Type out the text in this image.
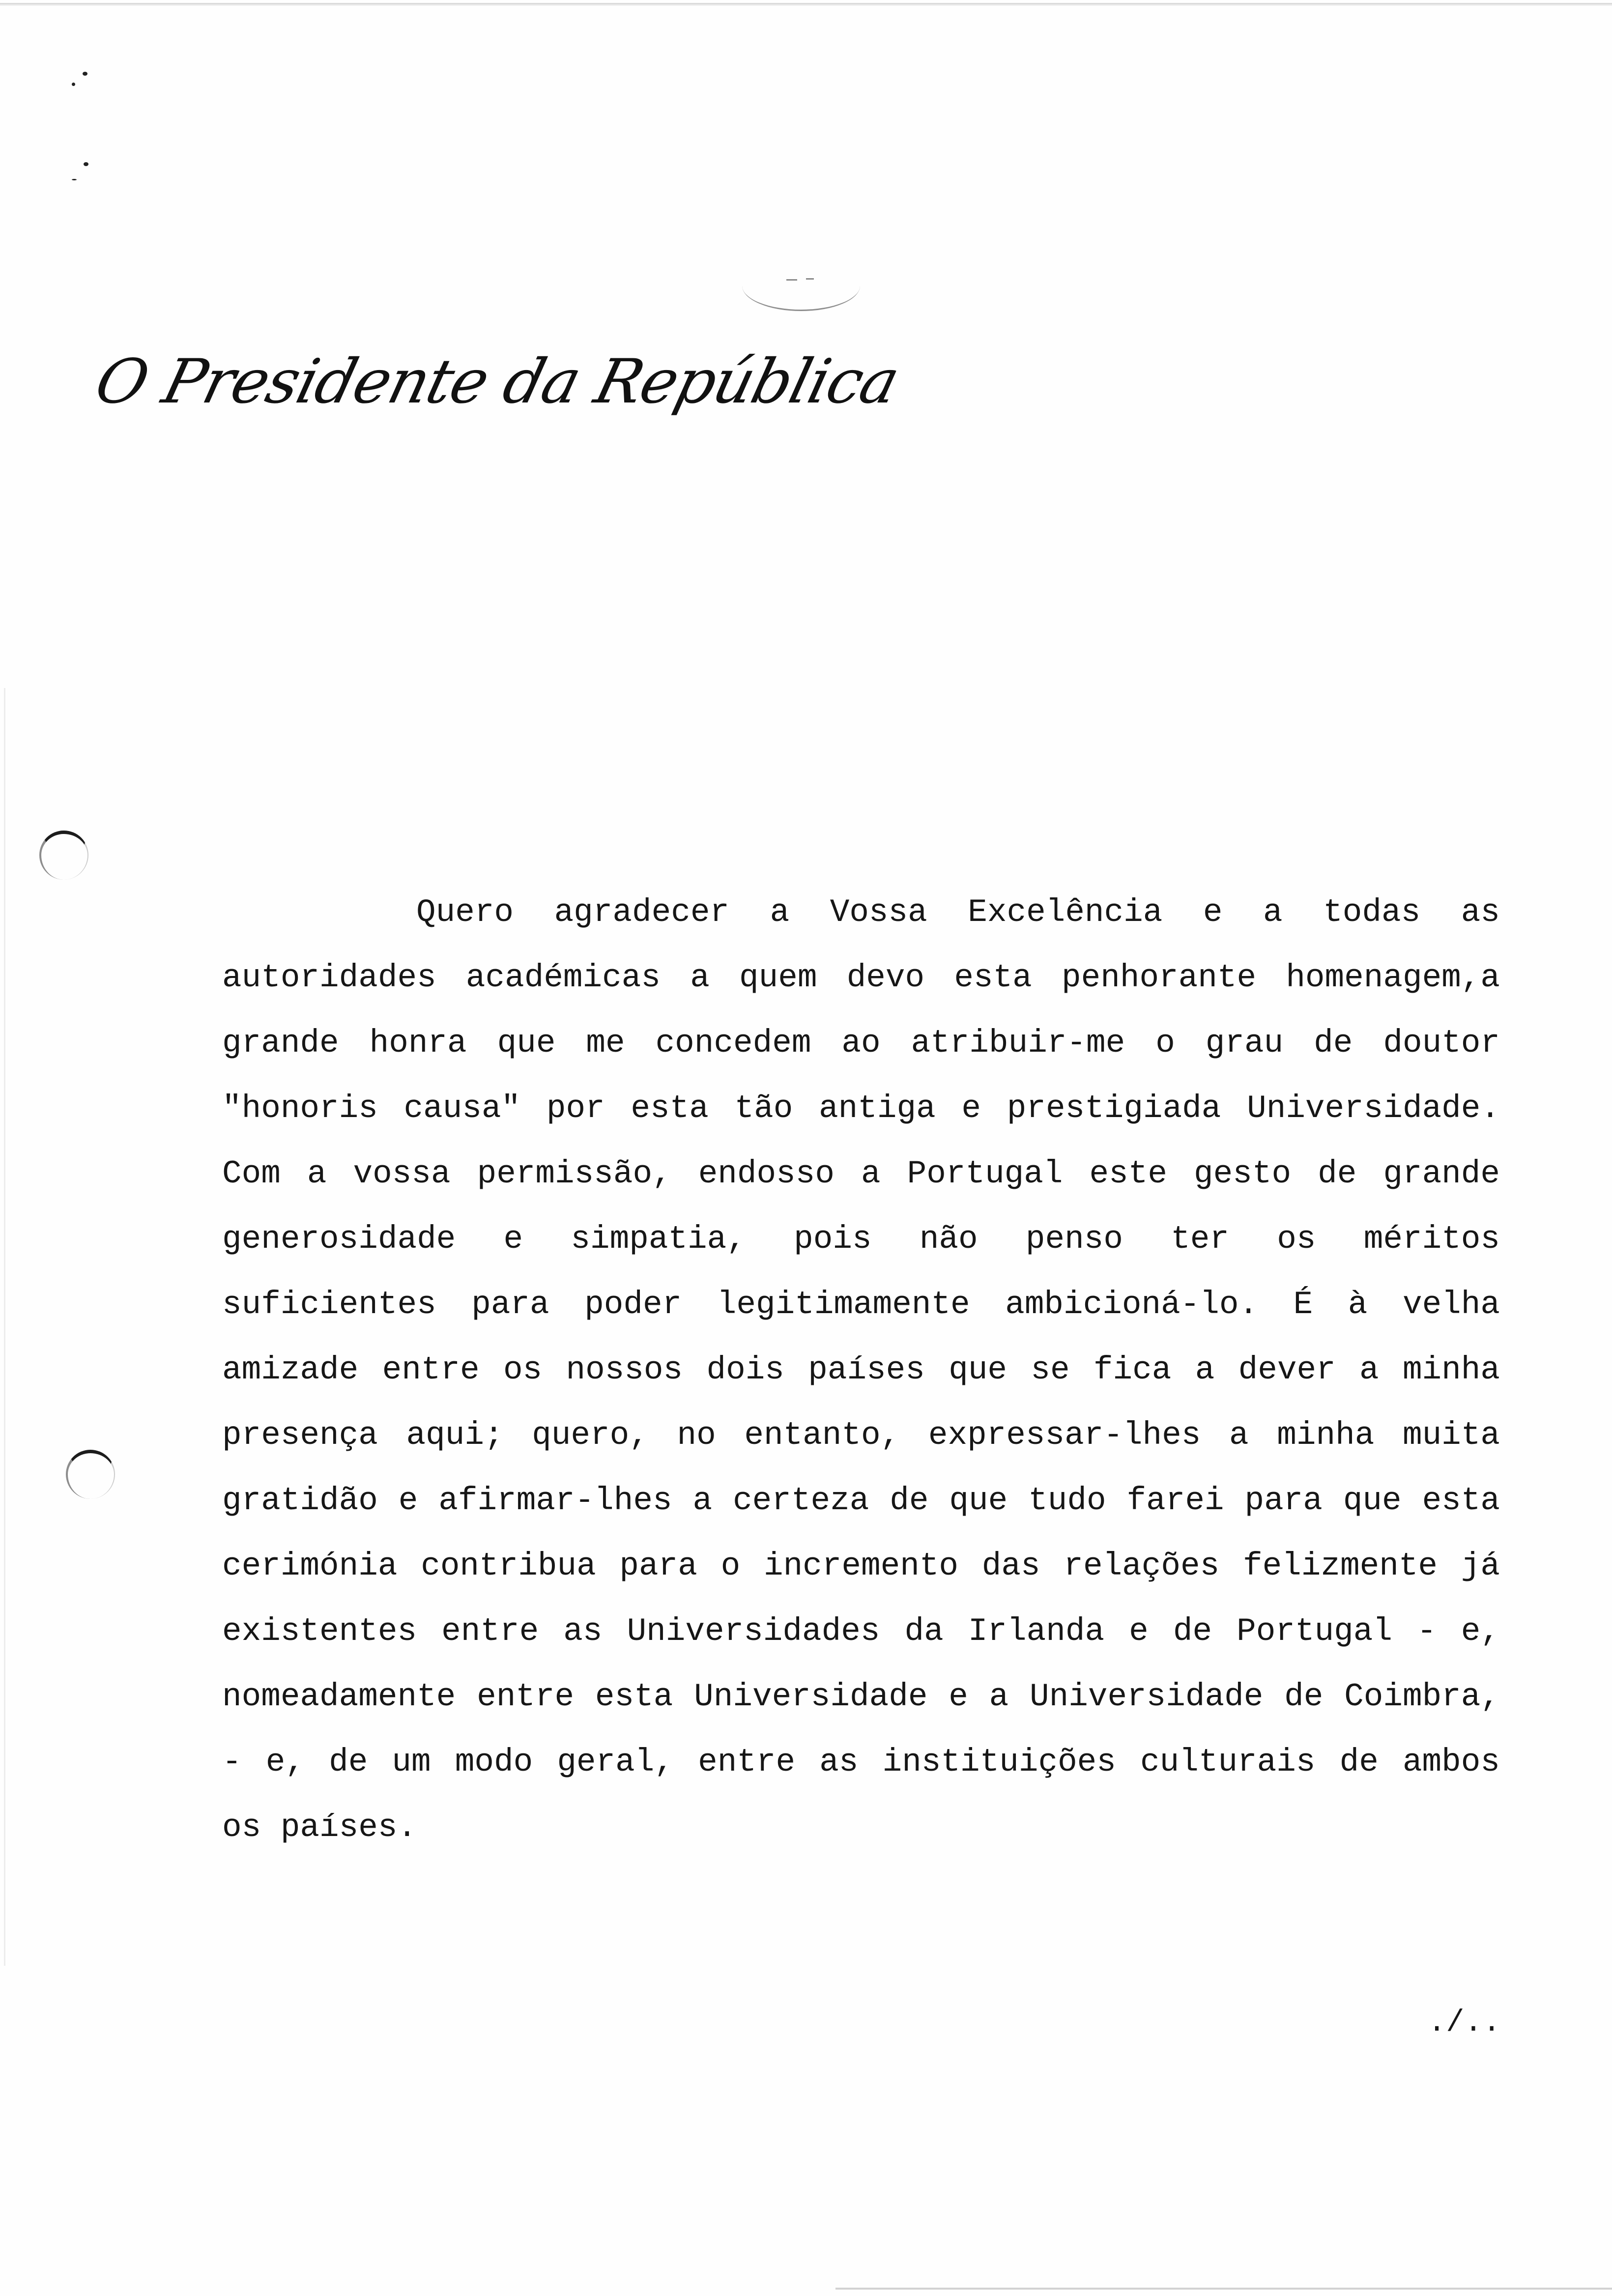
O Presidente da República
Quero agradecer a Vossa Excelência e a todas as
autoridades académicas a quem devo esta penhorante homenagem,a
grande honra que me concedem ao atribuir-me o grau de doutor
"honoris causa" por esta tão antiga e prestigiada Universidade.
Com a vossa permissão, endosso a Portugal este gesto de grande
generosidade e simpatia, pois não penso ter os méritos
suficientes para poder legitimamente ambicioná-lo. É à velha
amizade entre os nossos dois países que se fica a dever a minha
presença aqui; quero, no entanto, expressar-lhes a minha muita
gratidão e afirmar-lhes a certeza de que tudo farei para que esta
cerimónia contribua para o incremento das relações felizmente já
existentes entre as Universidades da Irlanda e de Portugal - e,
nomeadamente entre esta Universidade e a Universidade de Coimbra,
- e, de um modo geral, entre as instituições culturais de ambos
os países.
./..
